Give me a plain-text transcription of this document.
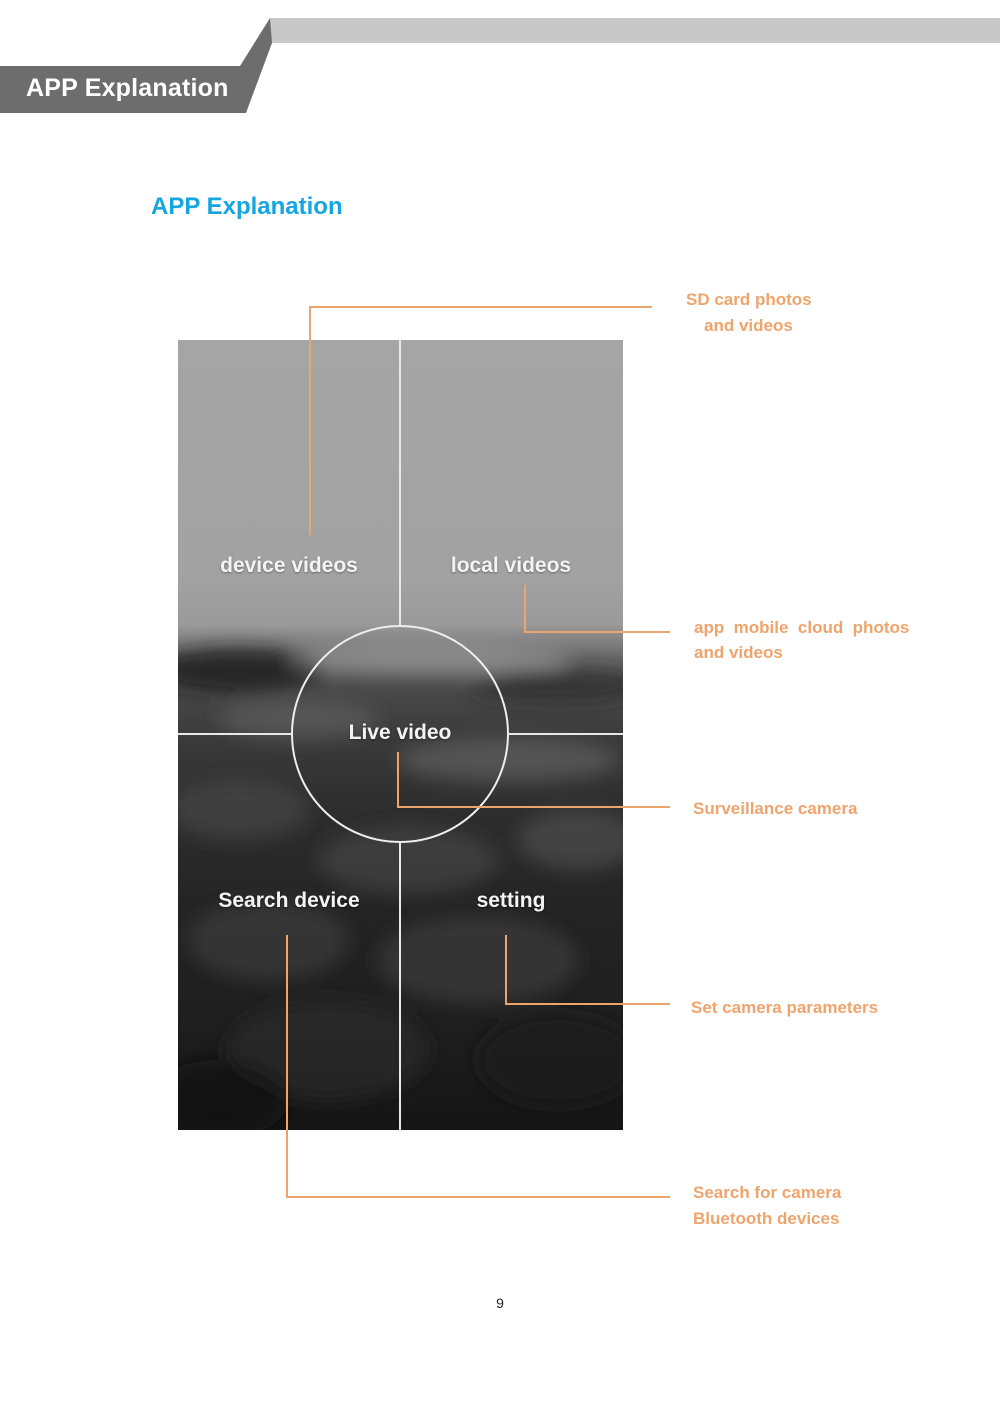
APP Explanation
APP Explanation
device videos	local videos
Live video
Search device	setting
SD card photos
and videos
app  mobile  cloud  photos
and videos
Surveillance camera
Set camera parameters
Search for camera
Bluetooth devices
9
